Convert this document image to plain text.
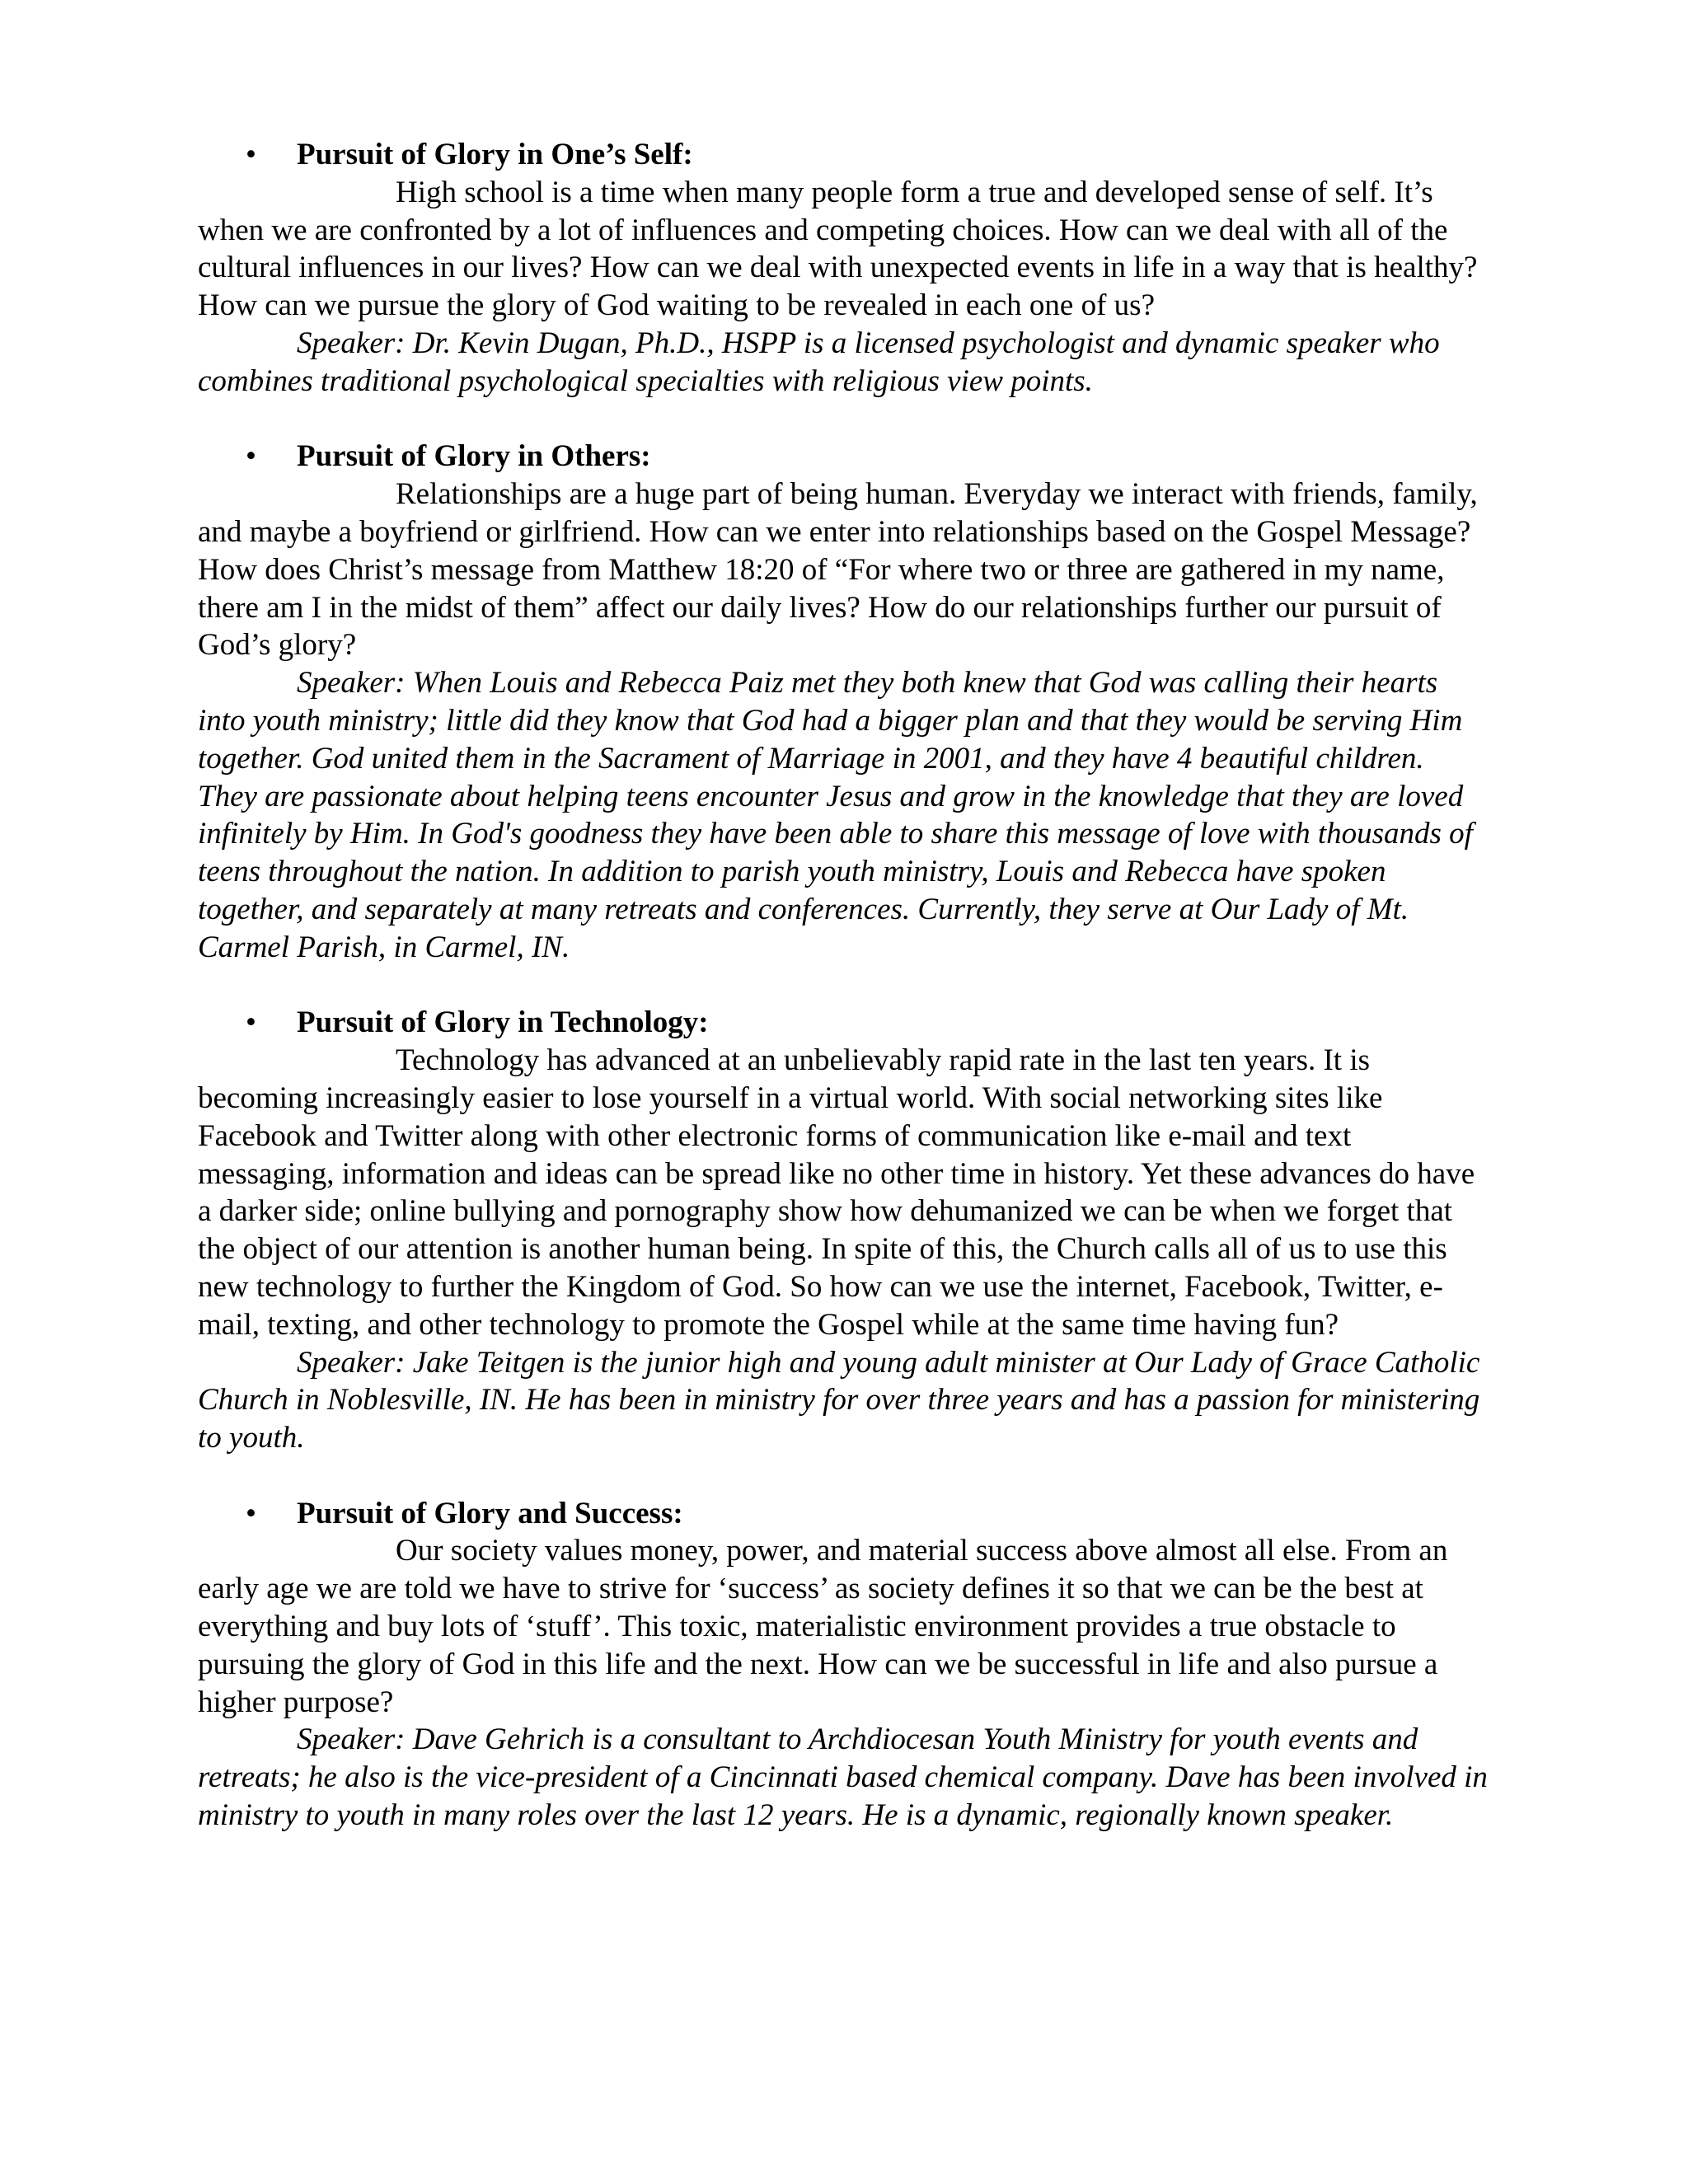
• Pursuit of Glory in One’s Self:

High school is a time when many people form a true and developed sense of self. It’s when we are confronted by a lot of influences and competing choices. How can we deal with all of the cultural influences in our lives? How can we deal with unexpected events in life in a way that is healthy? How can we pursue the glory of God waiting to be revealed in each one of us?

Speaker: Dr. Kevin Dugan, Ph.D., HSPP is a licensed psychologist and dynamic speaker who combines traditional psychological specialties with religious view points.

• Pursuit of Glory in Others:

Relationships are a huge part of being human. Everyday we interact with friends, family, and maybe a boyfriend or girlfriend. How can we enter into relationships based on the Gospel Message? How does Christ’s message from Matthew 18:20 of “For where two or three are gathered in my name, there am I in the midst of them” affect our daily lives? How do our relationships further our pursuit of God’s glory?

Speaker: When Louis and Rebecca Paiz met they both knew that God was calling their hearts into youth ministry; little did they know that God had a bigger plan and that they would be serving Him together. God united them in the Sacrament of Marriage in 2001, and they have 4 beautiful children. They are passionate about helping teens encounter Jesus and grow in the knowledge that they are loved infinitely by Him. In God's goodness they have been able to share this message of love with thousands of teens throughout the nation. In addition to parish youth ministry, Louis and Rebecca have spoken together, and separately at many retreats and conferences. Currently, they serve at Our Lady of Mt. Carmel Parish, in Carmel, IN.

• Pursuit of Glory in Technology:

Technology has advanced at an unbelievably rapid rate in the last ten years. It is becoming increasingly easier to lose yourself in a virtual world. With social networking sites like Facebook and Twitter along with other electronic forms of communication like e-mail and text messaging, information and ideas can be spread like no other time in history. Yet these advances do have a darker side; online bullying and pornography show how dehumanized we can be when we forget that the object of our attention is another human being. In spite of this, the Church calls all of us to use this new technology to further the Kingdom of God. So how can we use the internet, Facebook, Twitter, e-mail, texting, and other technology to promote the Gospel while at the same time having fun?

Speaker: Jake Teitgen is the junior high and young adult minister at Our Lady of Grace Catholic Church in Noblesville, IN. He has been in ministry for over three years and has a passion for ministering to youth.

• Pursuit of Glory and Success:

Our society values money, power, and material success above almost all else. From an early age we are told we have to strive for ‘success’ as society defines it so that we can be the best at everything and buy lots of ‘stuff’. This toxic, materialistic environment provides a true obstacle to pursuing the glory of God in this life and the next. How can we be successful in life and also pursue a higher purpose?

Speaker: Dave Gehrich is a consultant to Archdiocesan Youth Ministry for youth events and retreats; he also is the vice-president of a Cincinnati based chemical company. Dave has been involved in ministry to youth in many roles over the last 12 years. He is a dynamic, regionally known speaker.
